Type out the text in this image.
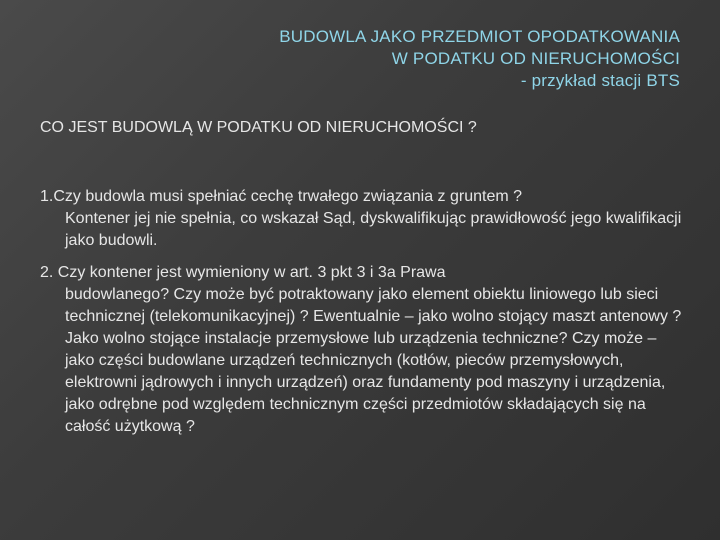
BUDOWLA JAKO PRZEDMIOT OPODATKOWANIA
W PODATKU OD NIERUCHOMOŚCI
- przykład stacji BTS
CO JEST BUDOWLĄ W PODATKU OD NIERUCHOMOŚCI ?
1.Czy budowla musi spełniać cechę trwałego związania z gruntem ?
Kontener jej nie spełnia, co wskazał Sąd, dyskwalifikując prawidłowość jego kwalifikacji jako budowli.
2. Czy kontener jest wymieniony w art. 3 pkt 3 i 3a Prawa
budowlanego? Czy może być potraktowany jako element obiektu liniowego lub sieci technicznej (telekomunikacyjnej) ? Ewentualnie – jako wolno stojący maszt antenowy ? Jako wolno stojące instalacje przemysłowe lub urządzenia techniczne? Czy może – jako części budowlane urządzeń technicznych (kotłów, pieców przemysłowych, elektrowni jądrowych i innych urządzeń) oraz fundamenty pod maszyny i urządzenia, jako odrębne pod względem technicznym części przedmiotów składających się na całość użytkową ?
